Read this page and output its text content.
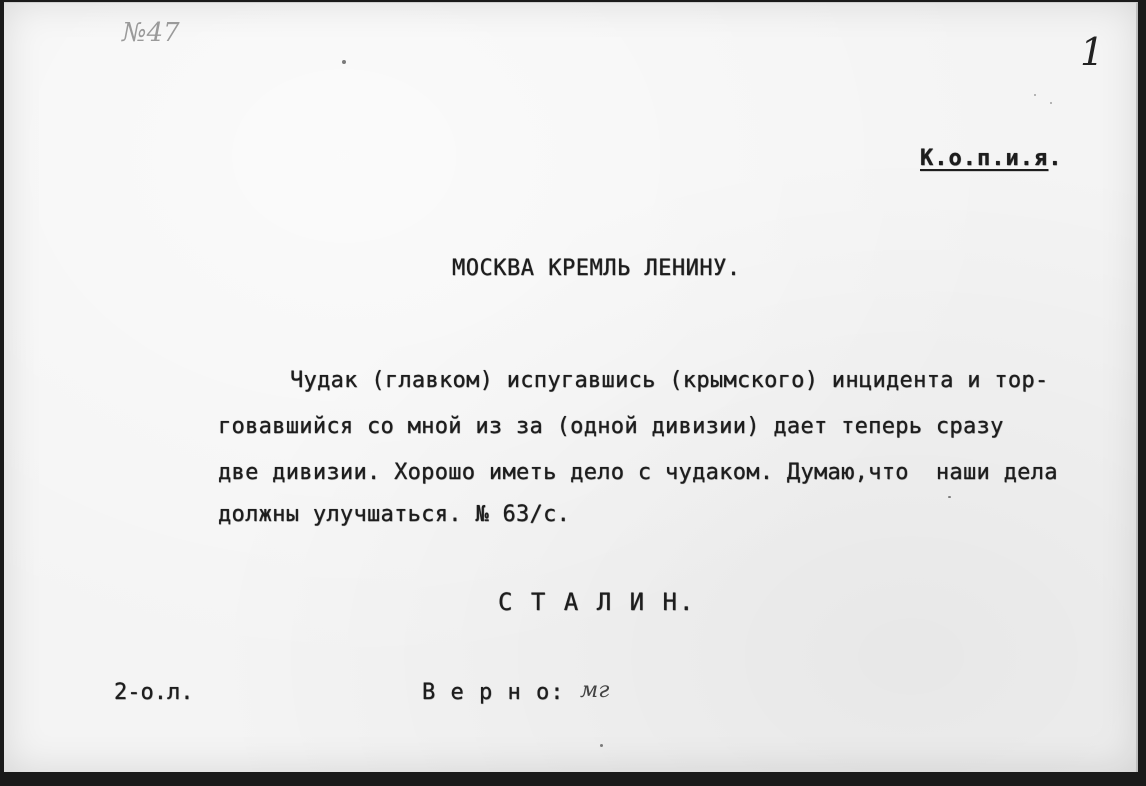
№47	1
К.о.п.и.я.
МОСКВА КРЕМЛЬ ЛЕНИНУ.
Чудак (главком) испугавшись (крымского) инцидента и тор-
говавшийся со мной из за (одной дивизии) дает теперь сразу
две дивизии. Хорошо иметь дело с чудаком. Думаю,что  наши дела
должны улучшаться. № 63/с.
С Т А Л И Н.
2-о.л.	В е р н о: мг
